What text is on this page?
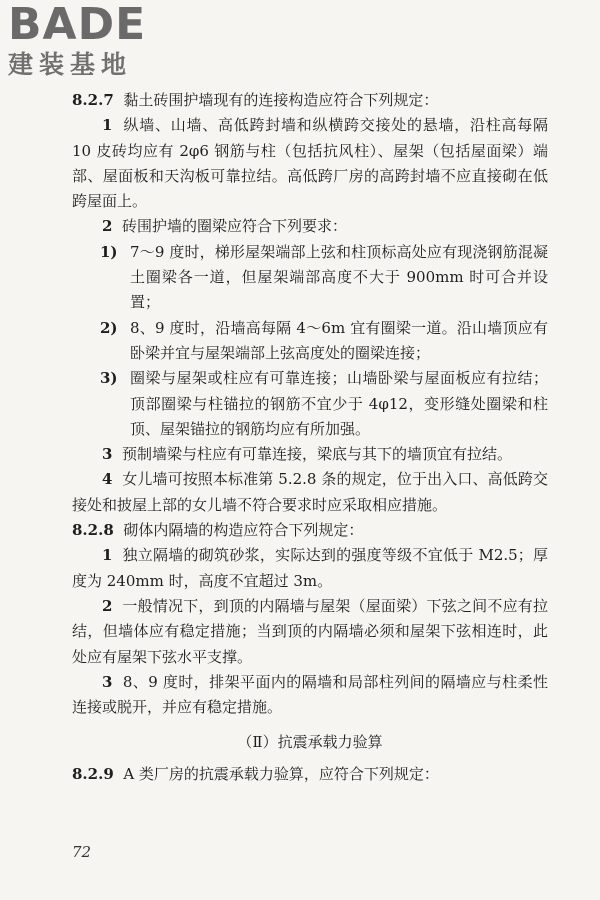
BADE
建装基地

8.2.7 黏土砖围护墙现有的连接构造应符合下列规定：

1 纵墙、山墙、高低跨封墙和纵横跨交接处的悬墙，沿柱高每隔 10 皮砖均应有 2φ6 钢筋与柱（包括抗风柱）、屋架（包括屋面梁）端部、屋面板和天沟板可靠拉结。高低跨厂房的高跨封墙不应直接砌在低跨屋面上。

2 砖围护墙的圈梁应符合下列要求：

1) 7～9 度时，梯形屋架端部上弦和柱顶标高处应有现浇钢筋混凝土圈梁各一道，但屋架端部高度不大于 900mm 时可合并设置；
2) 8、9 度时，沿墙高每隔 4～6m 宜有圈梁一道。沿山墙顶应有卧梁并宜与屋架端部上弦高度处的圈梁连接；
3) 圈梁与屋架或柱应有可靠连接；山墙卧梁与屋面板应有拉结；顶部圈梁与柱锚拉的钢筋不宜少于 4φ12，变形缝处圈梁和柱顶、屋架锚拉的钢筋均应有所加强。

3 预制墙梁与柱应有可靠连接，梁底与其下的墙顶宜有拉结。

4 女儿墙可按照本标准第 5.2.8 条的规定，位于出入口、高低跨交接处和披屋上部的女儿墙不符合要求时应采取相应措施。

8.2.8 砌体内隔墙的构造应符合下列规定：

1 独立隔墙的砌筑砂浆，实际达到的强度等级不宜低于 M2.5；厚度为 240mm 时，高度不宜超过 3m。

2 一般情况下，到顶的内隔墙与屋架（屋面梁）下弦之间不应有拉结，但墙体应有稳定措施；当到顶的内隔墙必须和屋架下弦相连时，此处应有屋架下弦水平支撑。

3 8、9 度时，排架平面内的隔墙和局部柱列间的隔墙应与柱柔性连接或脱开，并应有稳定措施。

（Ⅱ）抗震承载力验算

8.2.9 A 类厂房的抗震承载力验算，应符合下列规定：

72
